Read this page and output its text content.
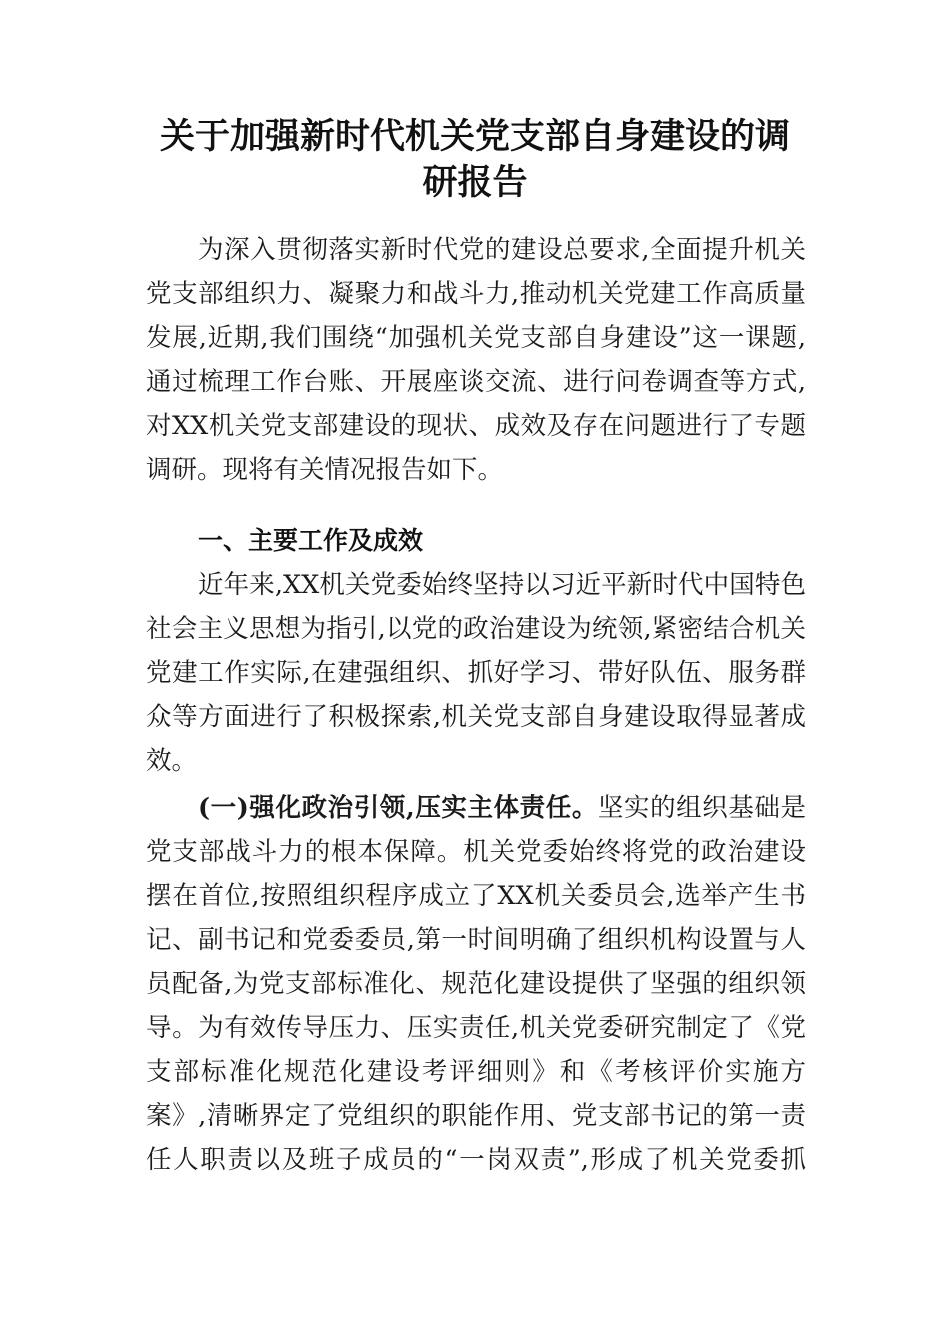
关于加强新时代机关党支部自身建设的调
研报告
为深入贯彻落实新时代党的建设总要求,全面提升机关
党支部组织力、凝聚力和战斗力,推动机关党建工作高质量
发展,近期,我们围绕“加强机关党支部自身建设”这一课题,
通过梳理工作台账、开展座谈交流、进行问卷调查等方式,
对XX机关党支部建设的现状、成效及存在问题进行了专题
调研。现将有关情况报告如下。
一、主要工作及成效
近年来,XX机关党委始终坚持以习近平新时代中国特色
社会主义思想为指引,以党的政治建设为统领,紧密结合机关
党建工作实际,在建强组织、抓好学习、带好队伍、服务群
众等方面进行了积极探索,机关党支部自身建设取得显著成
效。
(一)强化政治引领,压实主体责任。坚实的组织基础是
党支部战斗力的根本保障。机关党委始终将党的政治建设
摆在首位,按照组织程序成立了XX机关委员会,选举产生书
记、副书记和党委委员,第一时间明确了组织机构设置与人
员配备,为党支部标准化、规范化建设提供了坚强的组织领
导。为有效传导压力、压实责任,机关党委研究制定了《党
支部标准化规范化建设考评细则》和《考核评价实施方
案》,清晰界定了党组织的职能作用、党支部书记的第一责
任人职责以及班子成员的“一岗双责”,形成了机关党委抓
